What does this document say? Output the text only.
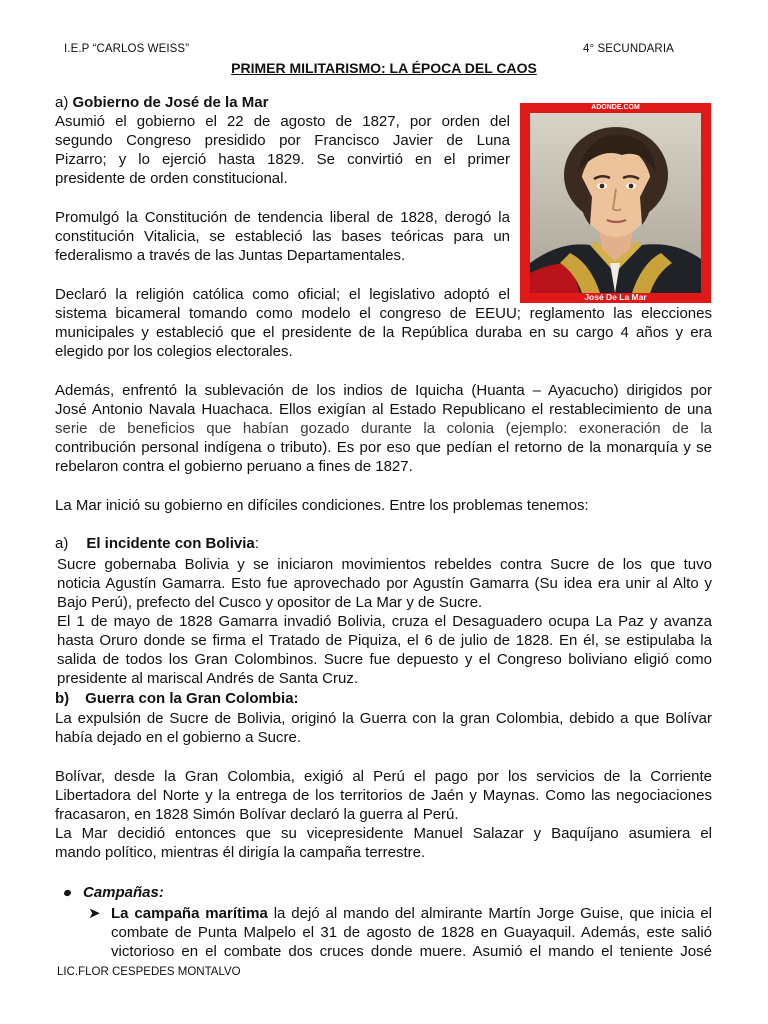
I.E.P “CARLOS WEISS”	4° SECUNDARIA
PRIMER MILITARISMO: LA ÉPOCA DEL CAOS
ADONDE.COM
José De La Mar
a) Gobierno de José de la Mar
Asumió el gobierno el 22 de agosto de 1827, por orden del
segundo Congreso presidido por Francisco Javier de Luna
Pizarro; y lo ejerció hasta 1829. Se convirtió en el primer
presidente de orden constitucional.
Promulgó la Constitución de tendencia liberal de 1828, derogó la
constitución Vitalicia, se estableció las bases teóricas para un
federalismo a través de las Juntas Departamentales.
Declaró la religión católica como oficial; el legislativo adoptó el
sistema bicameral tomando como modelo el congreso de EEUU; reglamento las elecciones
municipales y estableció que el presidente de la República duraba en su cargo 4 años y era
elegido por los colegios electorales.
Además, enfrentó la sublevación de los indios de Iquicha (Huanta – Ayacucho) dirigidos por
José Antonio Navala Huachaca. Ellos exigían al Estado Republicano el restablecimiento de una
serie de beneficios que habían gozado durante la colonia (ejemplo: exoneración de la
contribución personal indígena o tributo). Es por eso que pedían el retorno de la monarquía y se
rebelaron contra el gobierno peruano a fines de 1827.
La Mar inició su gobierno en difíciles condiciones. Entre los problemas tenemos:
a) El incidente con Bolivia:
Sucre gobernaba Bolivia y se iniciaron movimientos rebeldes contra Sucre de los que tuvo
noticia Agustín Gamarra. Esto fue aprovechado por Agustín Gamarra (Su idea era unir al Alto y
Bajo Perú), prefecto del Cusco y opositor de La Mar y de Sucre.
El 1 de mayo de 1828 Gamarra invadió Bolivia, cruza el Desaguadero ocupa La Paz y avanza
hasta Oruro donde se firma el Tratado de Piquiza, el 6 de julio de 1828. En él, se estipulaba la
salida de todos los Gran Colombinos. Sucre fue depuesto y el Congreso boliviano eligió como
presidente al mariscal Andrés de Santa Cruz.
b) Guerra con la Gran Colombia:
La expulsión de Sucre de Bolivia, originó la Guerra con la gran Colombia, debido a que Bolívar
había dejado en el gobierno a Sucre.
Bolívar, desde la Gran Colombia, exigió al Perú el pago por los servicios de la Corriente
Libertadora del Norte y la entrega de los territorios de Jaén y Maynas. Como las negociaciones
fracasaron, en 1828 Simón Bolívar declaró la guerra al Perú.
La Mar decidió entonces que su vicepresidente Manuel Salazar y Baquíjano asumiera el
mando político, mientras él dirigía la campaña terrestre.
Campañas:
➤ La campaña marítima la dejó al mando del almirante Martín Jorge Guise, que inicia el
combate de Punta Malpelo el 31 de agosto de 1828 en Guayaquil. Además, este salió
victorioso en el combate dos cruces donde muere. Asumió el mando el teniente José
LIC.FLOR CESPEDES MONTALVO
